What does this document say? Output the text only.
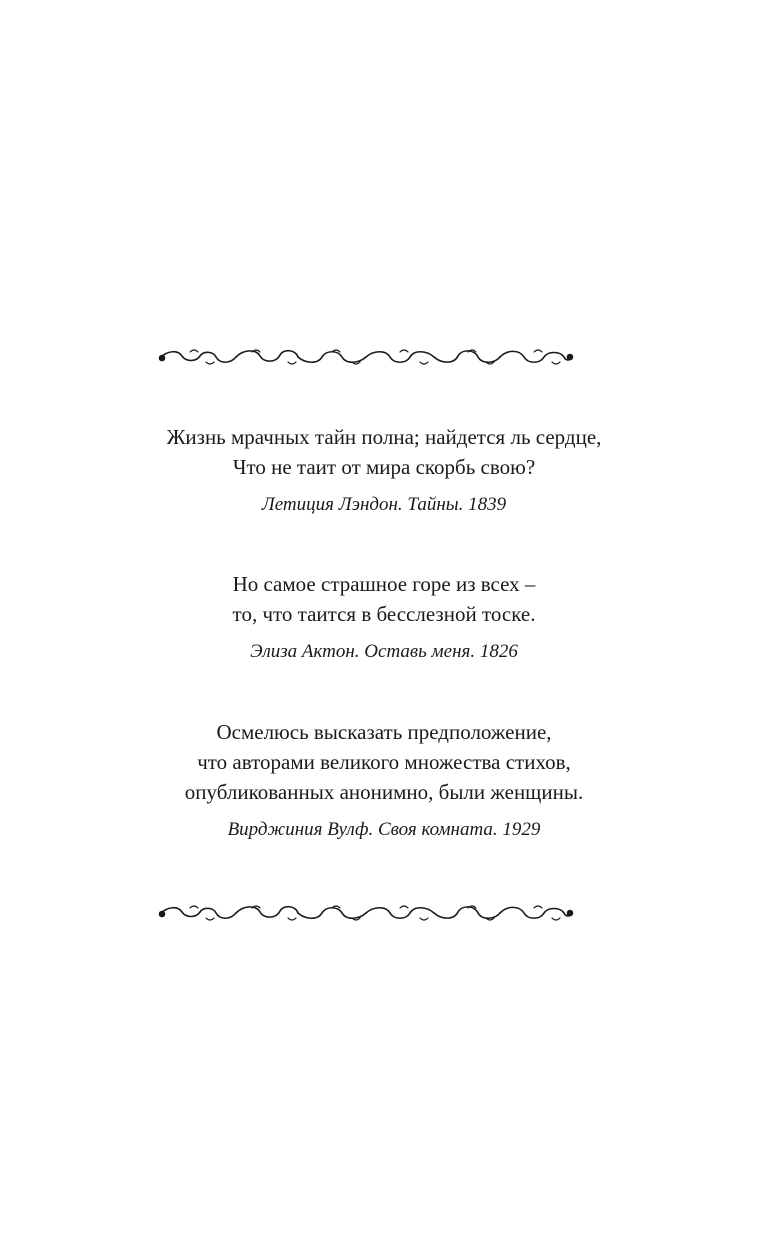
Жизнь мрачных тайн полна; найдется ль сердце,
Что не таит от мира скорбь свою?
Летиция Лэндон. Тайны. 1839
Но самое страшное горе из всех –
то, что таится в бесслезной тоске.
Элиза Актон. Оставь меня. 1826
Осмелюсь высказать предположение,
что авторами великого множества стихов,
опубликованных анонимно, были женщины.
Вирджиния Вулф. Своя комната. 1929
